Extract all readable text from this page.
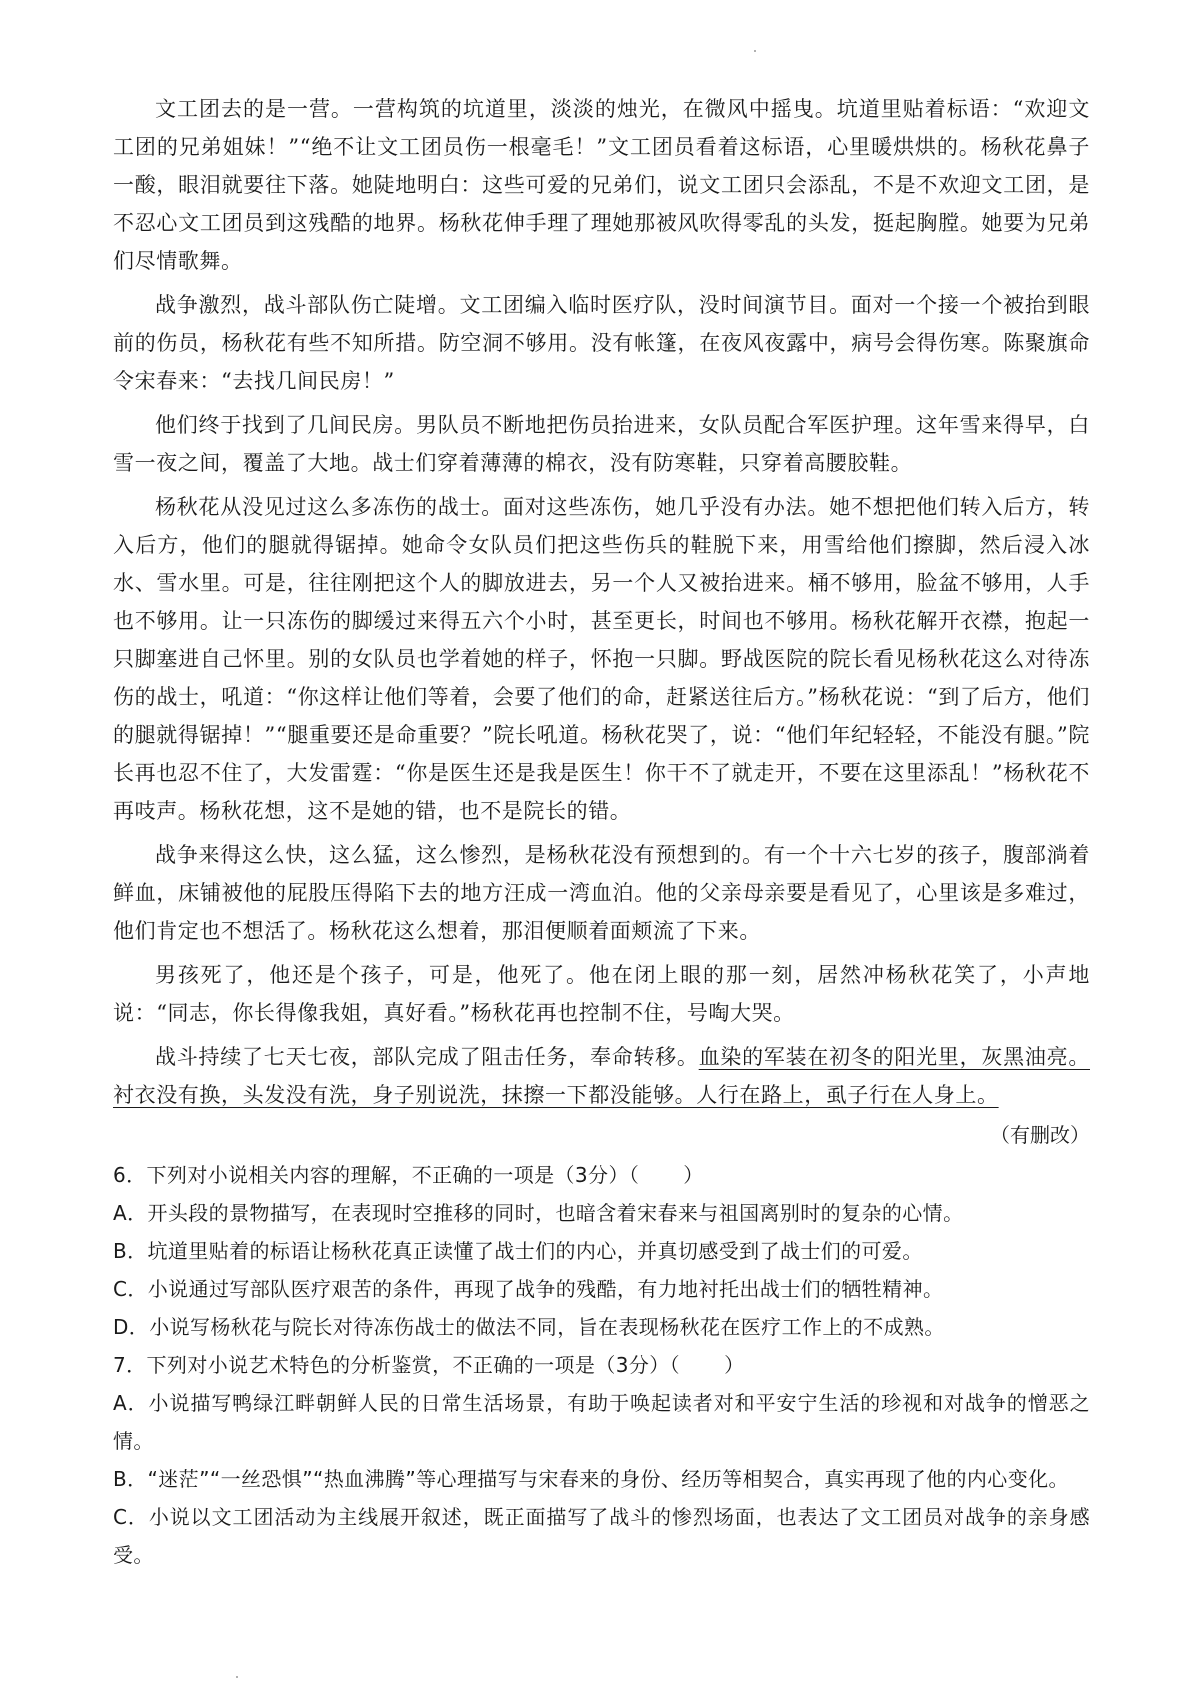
文工团去的是一营。一营构筑的坑道里，淡淡的烛光，在微风中摇曳。坑道里贴着标语：“欢迎文工团的兄弟姐妹！”“绝不让文工团员伤一根毫毛！”文工团员看着这标语，心里暖烘烘的。杨秋花鼻子一酸，眼泪就要往下落。她陡地明白：这些可爱的兄弟们，说文工团只会添乱，不是不欢迎文工团，是不忍心文工团员到这残酷的地界。杨秋花伸手理了理她那被风吹得零乱的头发，挺起胸膛。她要为兄弟们尽情歌舞。

战争激烈，战斗部队伤亡陡增。文工团编入临时医疗队，没时间演节目。面对一个接一个被抬到眼前的伤员，杨秋花有些不知所措。防空洞不够用。没有帐篷，在夜风夜露中，病号会得伤寒。陈聚旗命令宋春来：“去找几间民房！”

他们终于找到了几间民房。男队员不断地把伤员抬进来，女队员配合军医护理。这年雪来得早，白雪一夜之间，覆盖了大地。战士们穿着薄薄的棉衣，没有防寒鞋，只穿着高腰胶鞋。

杨秋花从没见过这么多冻伤的战士。面对这些冻伤，她几乎没有办法。她不想把他们转入后方，转入后方，他们的腿就得锯掉。她命令女队员们把这些伤兵的鞋脱下来，用雪给他们擦脚，然后浸入冰水、雪水里。可是，往往刚把这个人的脚放进去，另一个人又被抬进来。桶不够用，脸盆不够用，人手也不够用。让一只冻伤的脚缓过来得五六个小时，甚至更长，时间也不够用。杨秋花解开衣襟，抱起一只脚塞进自己怀里。别的女队员也学着她的样子，怀抱一只脚。野战医院的院长看见杨秋花这么对待冻伤的战士，吼道：“你这样让他们等着，会要了他们的命，赶紧送往后方。”杨秋花说：“到了后方，他们的腿就得锯掉！”“腿重要还是命重要？”院长吼道。杨秋花哭了，说：“他们年纪轻轻，不能没有腿。”院长再也忍不住了，大发雷霆：“你是医生还是我是医生！你干不了就走开，不要在这里添乱！”杨秋花不再吱声。杨秋花想，这不是她的错，也不是院长的错。

战争来得这么快，这么猛，这么惨烈，是杨秋花没有预想到的。有一个十六七岁的孩子，腹部淌着鲜血，床铺被他的屁股压得陷下去的地方汪成一湾血泊。他的父亲母亲要是看见了，心里该是多难过，他们肯定也不想活了。杨秋花这么想着，那泪便顺着面颊流了下来。

男孩死了，他还是个孩子，可是，他死了。他在闭上眼的那一刻，居然冲杨秋花笑了，小声地说：“同志，你长得像我姐，真好看。”杨秋花再也控制不住，号啕大哭。

战斗持续了七天七夜，部队完成了阻击任务，奉命转移。血染的军装在初冬的阳光里，灰黑油亮。衬衣没有换，头发没有洗，身子别说洗，抹擦一下都没能够。人行在路上，虱子行在人身上。

（有删改）

6．下列对小说相关内容的理解，不正确的一项是（3分）（ ）

A．开头段的景物描写，在表现时空推移的同时，也暗含着宋春来与祖国离别时的复杂的心情。

B．坑道里贴着的标语让杨秋花真正读懂了战士们的内心，并真切感受到了战士们的可爱。

C．小说通过写部队医疗艰苦的条件，再现了战争的残酷，有力地衬托出战士们的牺牲精神。

D．小说写杨秋花与院长对待冻伤战士的做法不同，旨在表现杨秋花在医疗工作上的不成熟。

7．下列对小说艺术特色的分析鉴赏，不正确的一项是（3分）（ ）

A．小说描写鸭绿江畔朝鲜人民的日常生活场景，有助于唤起读者对和平安宁生活的珍视和对战争的憎恶之情。

B．“迷茫”“一丝恐惧”“热血沸腾”等心理描写与宋春来的身份、经历等相契合，真实再现了他的内心变化。

C．小说以文工团活动为主线展开叙述，既正面描写了战斗的惨烈场面，也表达了文工团员对战争的亲身感受。
